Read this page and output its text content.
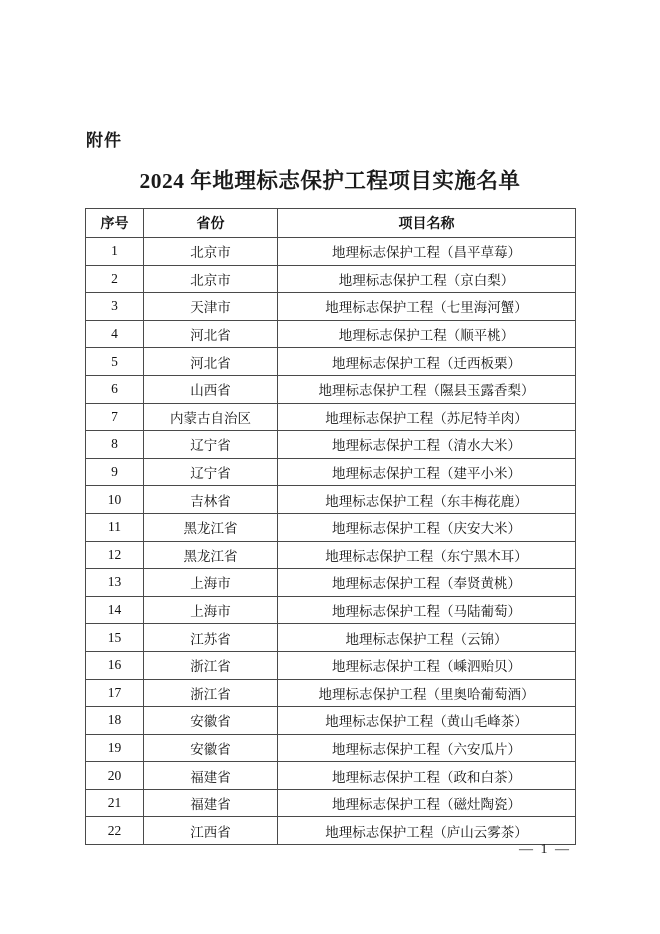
附件
2024 年地理标志保护工程项目实施名单
序号	省份	项目名称
1	北京市	地理标志保护工程（昌平草莓）
2	北京市	地理标志保护工程（京白梨）
3	天津市	地理标志保护工程（七里海河蟹）
4	河北省	地理标志保护工程（顺平桃）
5	河北省	地理标志保护工程（迁西板栗）
6	山西省	地理标志保护工程（隰县玉露香梨）
7	内蒙古自治区	地理标志保护工程（苏尼特羊肉）
8	辽宁省	地理标志保护工程（清水大米）
9	辽宁省	地理标志保护工程（建平小米）
10	吉林省	地理标志保护工程（东丰梅花鹿）
11	黑龙江省	地理标志保护工程（庆安大米）
12	黑龙江省	地理标志保护工程（东宁黑木耳）
13	上海市	地理标志保护工程（奉贤黄桃）
14	上海市	地理标志保护工程（马陆葡萄）
15	江苏省	地理标志保护工程（云锦）
16	浙江省	地理标志保护工程（嵊泗贻贝）
17	浙江省	地理标志保护工程（里奥哈葡萄酒）
18	安徽省	地理标志保护工程（黄山毛峰茶）
19	安徽省	地理标志保护工程（六安瓜片）
20	福建省	地理标志保护工程（政和白茶）
21	福建省	地理标志保护工程（磁灶陶瓷）
22	江西省	地理标志保护工程（庐山云雾茶）
— 1 —
